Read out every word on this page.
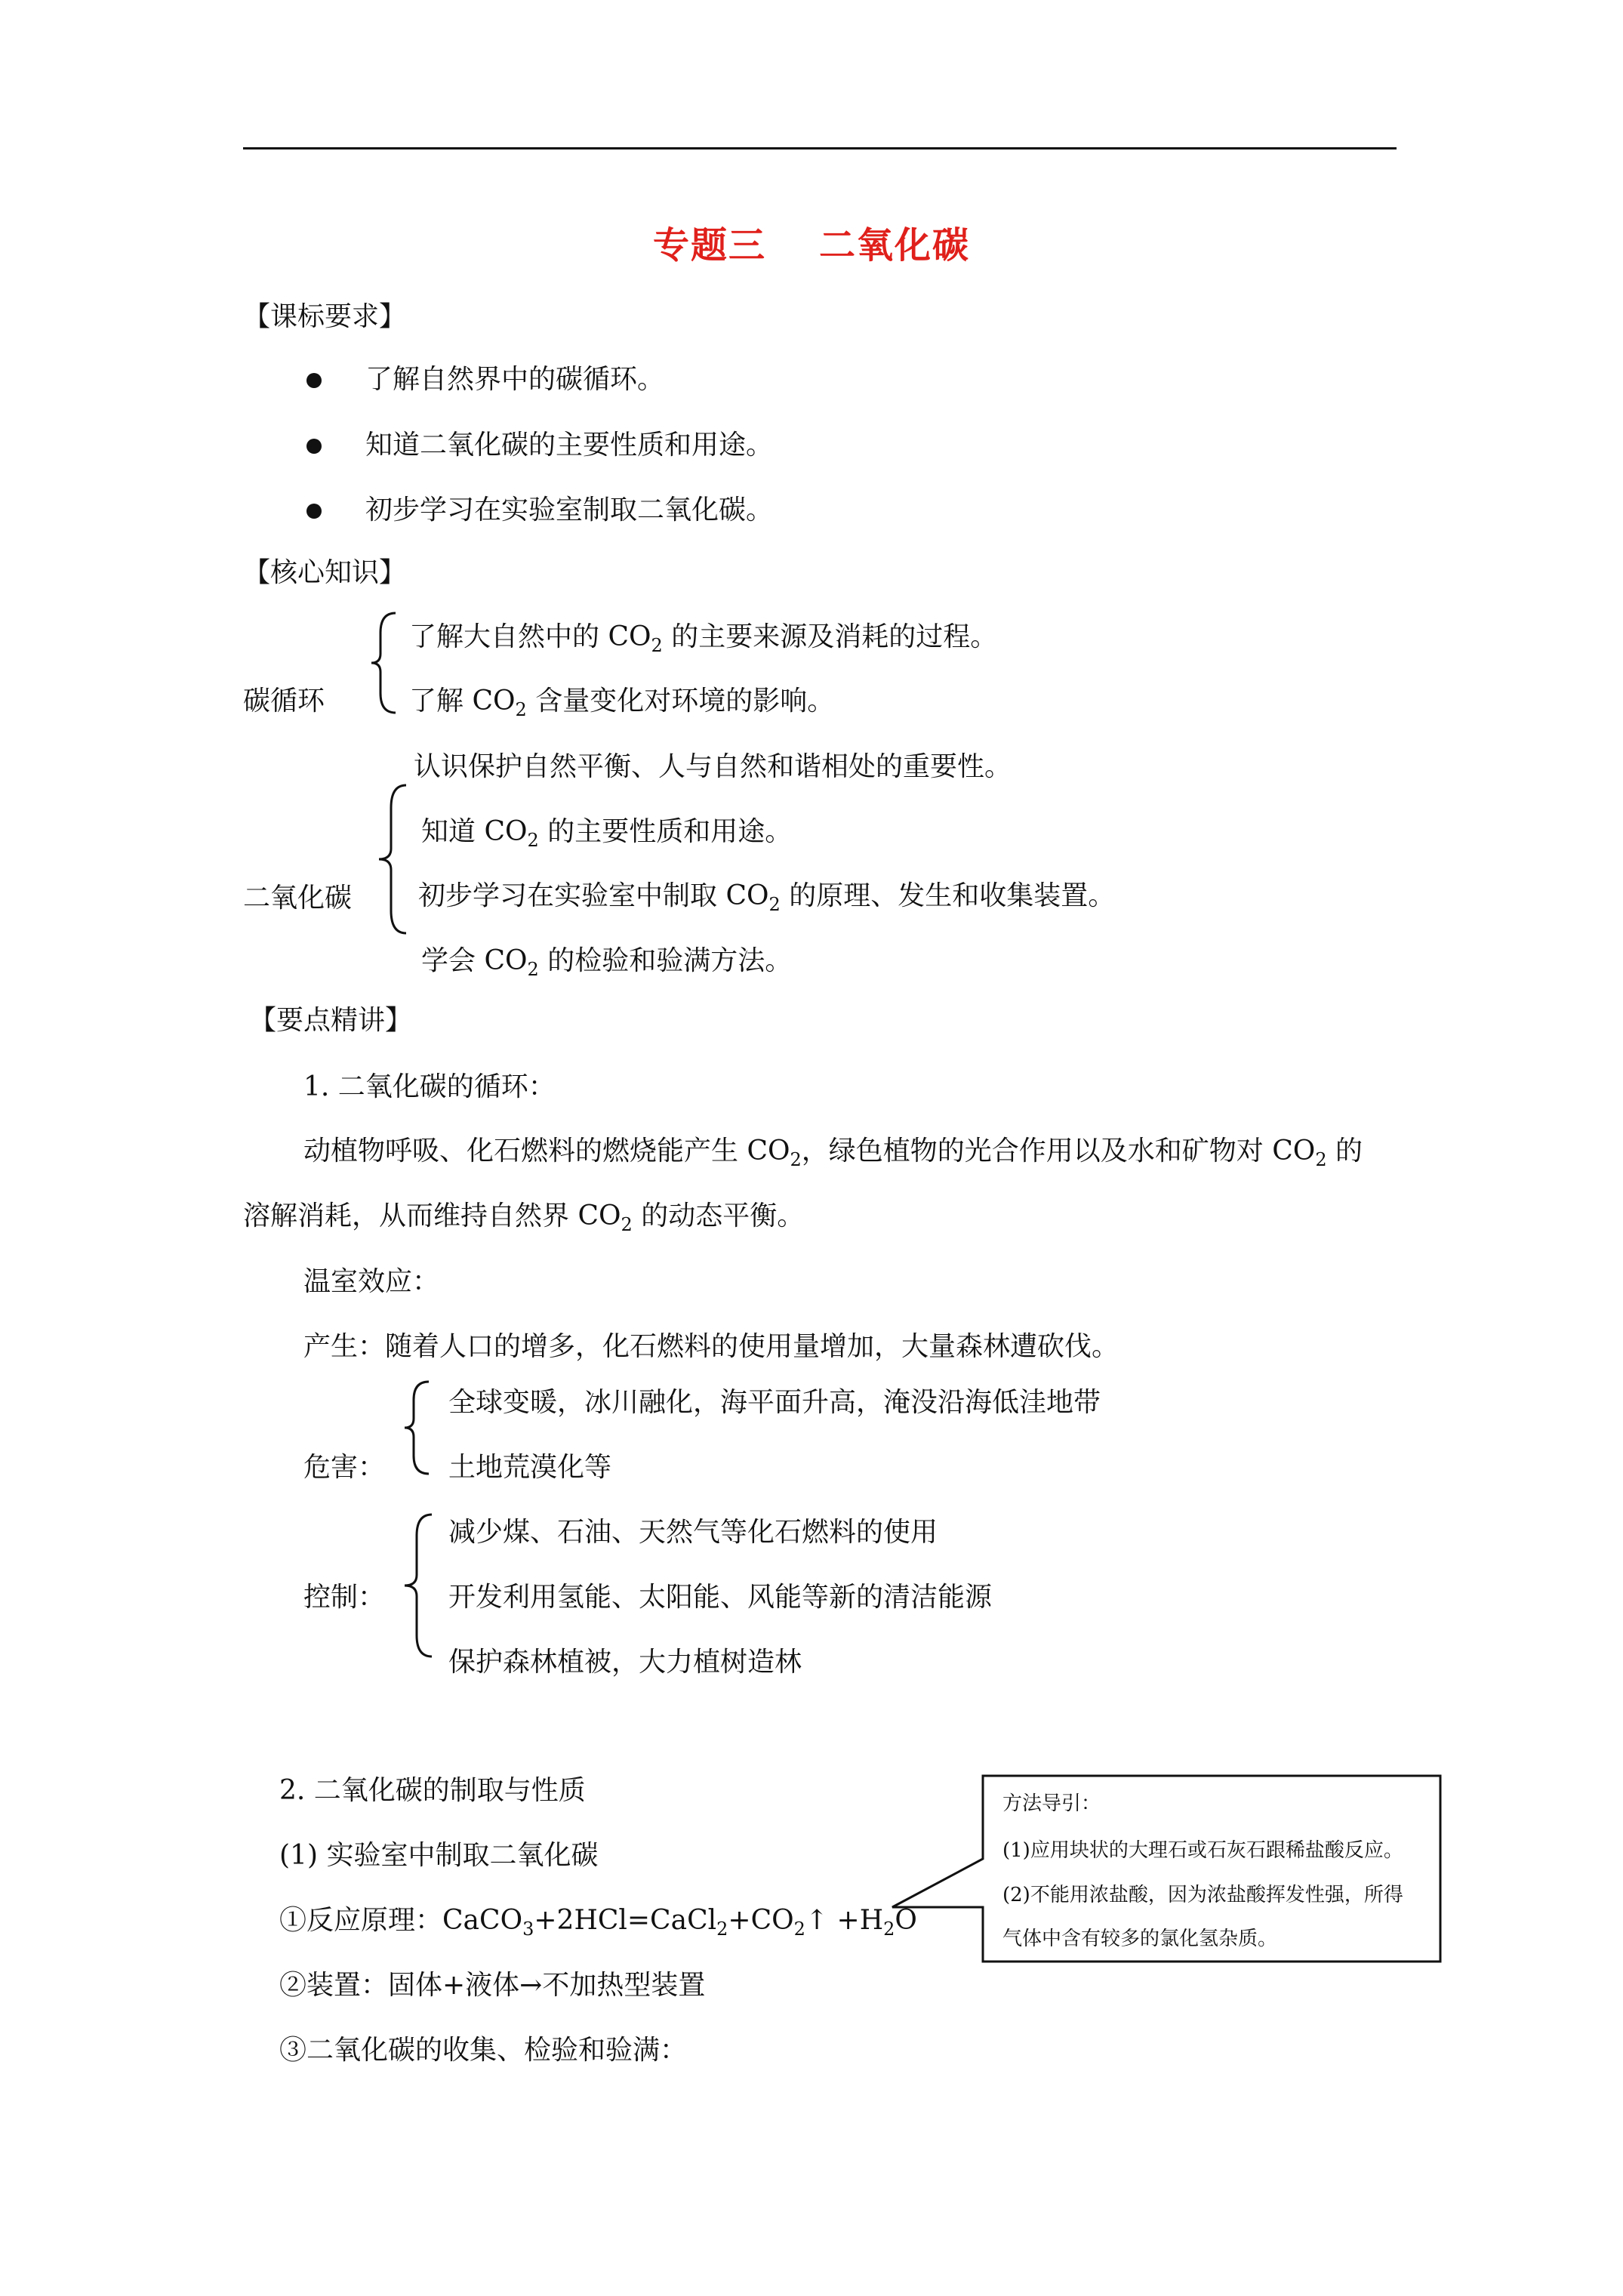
专题三 二氧化碳
【课标要求】
了解自然界中的碳循环。
知道二氧化碳的主要性质和用途。
初步学习在实验室制取二氧化碳。
【核心知识】
了解大自然中的 $CO_2$ 的主要来源及消耗的过程。
碳循环	了解 $CO_2$ 含量变化对环境的影响。
认识保护自然平衡、人与自然和谐相处的重要性。
知道 $CO_2$ 的主要性质和用途。
二氧化碳 初步学习在实验室中制取 $CO_2$ 的原理、发生和收集装置。
学会 $CO_2$ 的检验和验满方法。
【要点精讲】
1. 二氧化碳的循环：
动植物呼吸、化石燃料的燃烧能产生 $CO_2$，绿色植物的光合作用以及水和矿物对 $CO_2$ 的
溶解消耗，从而维持自然界 $CO_2$ 的动态平衡。
温室效应：
产生：随着人口的增多，化石燃料的使用量增加，大量森林遭砍伐。
全球变暖，冰川融化，海平面升高，淹没沿海低洼地带
危害： 土地荒漠化等
减少煤、石油、天然气等化石燃料的使用
控制： 开发利用氢能、太阳能、风能等新的清洁能源
保护森林植被，大力植树造林
2. 二氧化碳的制取与性质
(1) 实验室中制取二氧化碳
①反应原理：$CaCO_3+2HCl=CaCl_2+CO_2↑ +H_2O$
②装置：固体+液体→不加热型装置
③二氧化碳的收集、检验和验满：
方法导引：
(1)应用块状的大理石或石灰石跟稀盐酸反应。
(2)不能用浓盐酸，因为浓盐酸挥发性强，所得
气体中含有较多的氯化氢杂质。
